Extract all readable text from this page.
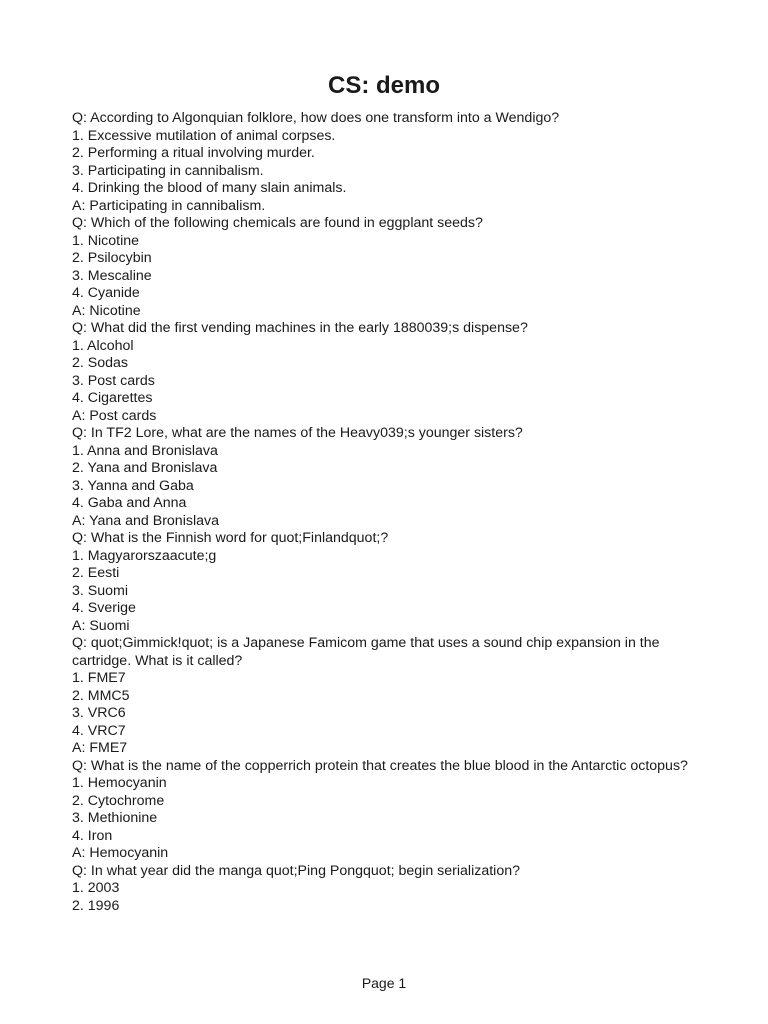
CS: demo

Q: According to Algonquian folklore, how does one transform into a Wendigo?

1. Excessive mutilation of animal corpses.

2. Performing a ritual involving murder.

3. Participating in cannibalism.

4. Drinking the blood of many slain animals.

A: Participating in cannibalism.

Q: Which of the following chemicals are found in eggplant seeds?

1. Nicotine

2. Psilocybin

3. Mescaline

4. Cyanide

A: Nicotine

Q: What did the first vending machines in the early 1880039;s dispense?

1. Alcohol

2. Sodas

3. Post cards

4. Cigarettes

A: Post cards

Q: In TF2 Lore, what are the names of the Heavy039;s younger sisters?

1. Anna and Bronislava

2. Yana and Bronislava

3. Yanna and Gaba

4. Gaba and Anna

A: Yana and Bronislava

Q: What is the Finnish word for quot;Finlandquot;?

1. Magyarorszaacute;g

2. Eesti

3. Suomi

4. Sverige

A: Suomi

Q: quot;Gimmick!quot; is a Japanese Famicom game that uses a sound chip expansion in the cartridge. What is it called?

1. FME7

2. MMC5

3. VRC6

4. VRC7

A: FME7

Q: What is the name of the copperrich protein that creates the blue blood in the Antarctic octopus?

1. Hemocyanin

2. Cytochrome

3. Methionine

4. Iron

A: Hemocyanin

Q: In what year did the manga quot;Ping Pongquot; begin serialization?

1. 2003

2. 1996

Page 1
